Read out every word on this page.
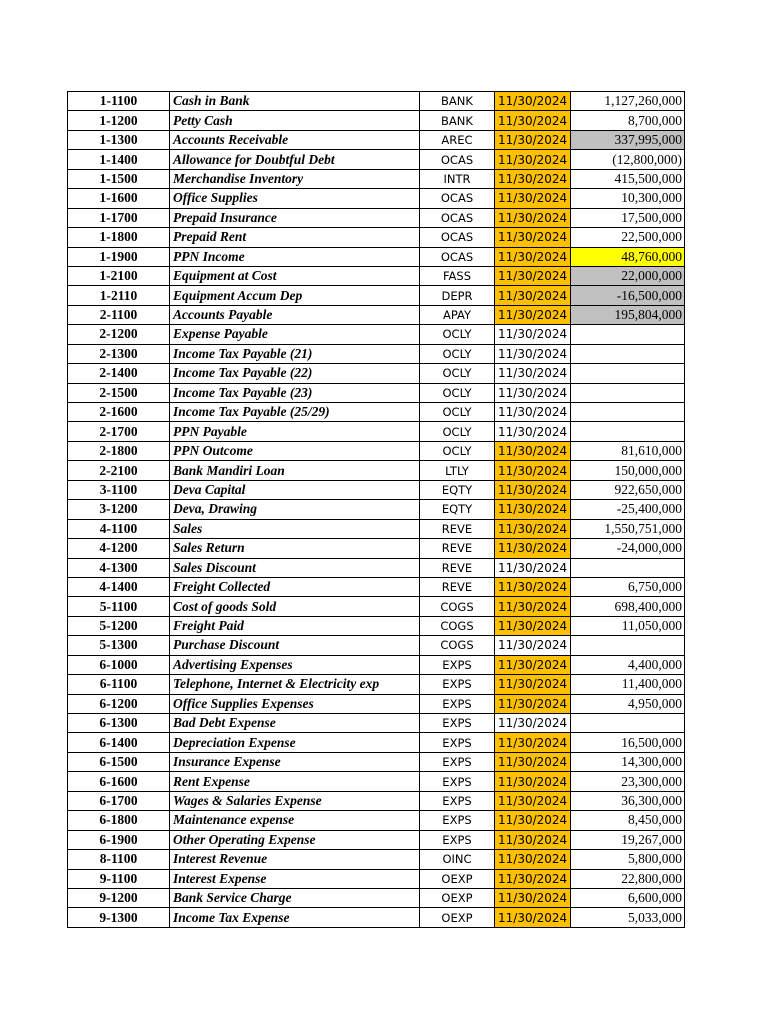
1-1100	Cash in Bank	BANK	11/30/2024	1,127,260,000
1-1200	Petty Cash	BANK	11/30/2024	8,700,000
1-1300	Accounts Receivable	AREC	11/30/2024	337,995,000
1-1400	Allowance for Doubtful Debt	OCAS	11/30/2024	(12,800,000)
1-1500	Merchandise Inventory	INTR	11/30/2024	415,500,000
1-1600	Office Supplies	OCAS	11/30/2024	10,300,000
1-1700	Prepaid Insurance	OCAS	11/30/2024	17,500,000
1-1800	Prepaid Rent	OCAS	11/30/2024	22,500,000
1-1900	PPN Income	OCAS	11/30/2024	48,760,000
1-2100	Equipment at Cost	FASS	11/30/2024	22,000,000
1-2110	Equipment Accum Dep	DEPR	11/30/2024	-16,500,000
2-1100	Accounts Payable	APAY	11/30/2024	195,804,000
2-1200	Expense Payable	OCLY	11/30/2024	
2-1300	Income Tax Payable (21)	OCLY	11/30/2024	
2-1400	Income Tax Payable (22)	OCLY	11/30/2024	
2-1500	Income Tax Payable (23)	OCLY	11/30/2024	
2-1600	Income Tax Payable (25/29)	OCLY	11/30/2024	
2-1700	PPN Payable	OCLY	11/30/2024	
2-1800	PPN Outcome	OCLY	11/30/2024	81,610,000
2-2100	Bank Mandiri Loan	LTLY	11/30/2024	150,000,000
3-1100	Deva Capital	EQTY	11/30/2024	922,650,000
3-1200	Deva, Drawing	EQTY	11/30/2024	-25,400,000
4-1100	Sales	REVE	11/30/2024	1,550,751,000
4-1200	Sales Return	REVE	11/30/2024	-24,000,000
4-1300	Sales Discount	REVE	11/30/2024	
4-1400	Freight Collected	REVE	11/30/2024	6,750,000
5-1100	Cost of goods Sold	COGS	11/30/2024	698,400,000
5-1200	Freight Paid	COGS	11/30/2024	11,050,000
5-1300	Purchase Discount	COGS	11/30/2024	
6-1000	Advertising Expenses	EXPS	11/30/2024	4,400,000
6-1100	Telephone, Internet & Electricity exp	EXPS	11/30/2024	11,400,000
6-1200	Office Supplies Expenses	EXPS	11/30/2024	4,950,000
6-1300	Bad Debt Expense	EXPS	11/30/2024	
6-1400	Depreciation Expense	EXPS	11/30/2024	16,500,000
6-1500	Insurance Expense	EXPS	11/30/2024	14,300,000
6-1600	Rent Expense	EXPS	11/30/2024	23,300,000
6-1700	Wages & Salaries Expense	EXPS	11/30/2024	36,300,000
6-1800	Maintenance expense	EXPS	11/30/2024	8,450,000
6-1900	Other Operating Expense	EXPS	11/30/2024	19,267,000
8-1100	Interest Revenue	OINC	11/30/2024	5,800,000
9-1100	Interest Expense	OEXP	11/30/2024	22,800,000
9-1200	Bank Service Charge	OEXP	11/30/2024	6,600,000
9-1300	Income Tax Expense	OEXP	11/30/2024	5,033,000
